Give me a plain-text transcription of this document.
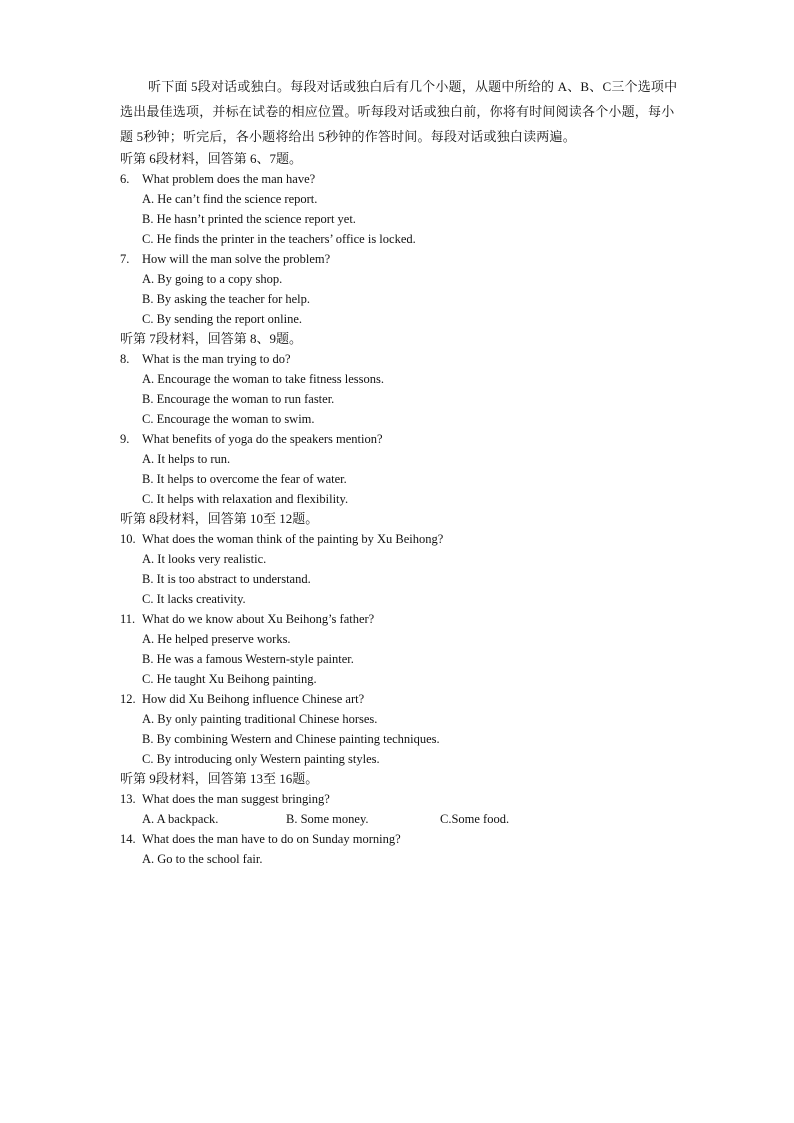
听下面 5段对话或独白。每段对话或独白后有几个小题，从题中所给的 A、B、C三个选项中选出最佳选项，并标在试卷的相应位置。听每段对话或独白前，你将有时间阅读各个小题，每小题 5秒钟；听完后，各小题将给出 5秒钟的作答时间。每段对话或独白读两遍。

听第 6段材料，回答第 6、7题。
6.	What problem does the man have?
A. He can’t find the science report.
B. He hasn’t printed the science report yet.
C. He finds the printer in the teachers’ office is locked.
7.	How will the man solve the problem?
A. By going to a copy shop.
B. By asking the teacher for help.
C. By sending the report online.
听第 7段材料，回答第 8、9题。
8.	What is the man trying to do?
A. Encourage the woman to take fitness lessons.
B. Encourage the woman to run faster.
C. Encourage the woman to swim.
9.	What benefits of yoga do the speakers mention?
A. It helps to run.
B. It helps to overcome the fear of water.
C. It helps with relaxation and flexibility.
听第 8段材料，回答第 10至 12题。
10. What does the woman think of the painting by Xu Beihong?
A. It looks very realistic.
B. It is too abstract to understand.
C. It lacks creativity.
11. What do we know about Xu Beihong’s father?
A. He helped preserve works.
B. He was a famous Western-style painter.
C. He taught Xu Beihong painting.
12. How did Xu Beihong influence Chinese art?
A. By only painting traditional Chinese horses.
B. By combining Western and Chinese painting techniques.
C. By introducing only Western painting styles.
听第 9段材料，回答第 13至 16题。
13. What does the man suggest bringing?
A. A backpack.	B. Some money.	C.Some food.
14. What does the man have to do on Sunday morning?
A. Go to the school fair.
